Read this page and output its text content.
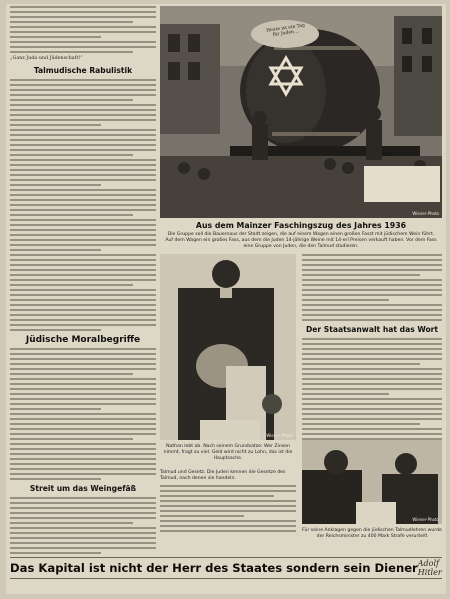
„Ganz Juda und Jüdenschaft!“
Talmudische Rabulistik
Jüdische Moralbegriffe
Streit um das Weingefäß
Heute ist ein Tag für Juden ...
Wiener-Photo
Aus dem Mainzer Faschingszug des Jahres 1936
Die Gruppe soll die Bauernaus der Stadt zeigen, die auf einem Wagen einen großen Fasst mit jüdischem Wein führt. Auf dem Wagen ein großes Fass, aus dem die Juden 14-jährige Weine mit 14-erl Preisen verkauft haben. Vor dem Fass eine Gruppe von Juden, die den Talmud studieren.
Wiener-Photo
Nathan lebt ab. Nach seinem Grundsatze: Wer Zinsen nimmt, fragt zu viel. Geld wird nicht zu Lohn, das ist die Hauptsache.
Der Staatsanwalt hat das Wort
Wiener-Photo
Für seine Anklagen gegen die jüdischen Talmudlehren wurde der Reichsminister zu 400 Mark Strafe verurteilt
Talmud und Gesetz. Die Juden kennen die Gesetze des Talmud, nach denen sie handeln.
Das Kapital ist nicht der Herr des Staates sondern sein Diener Adolf Hitler
